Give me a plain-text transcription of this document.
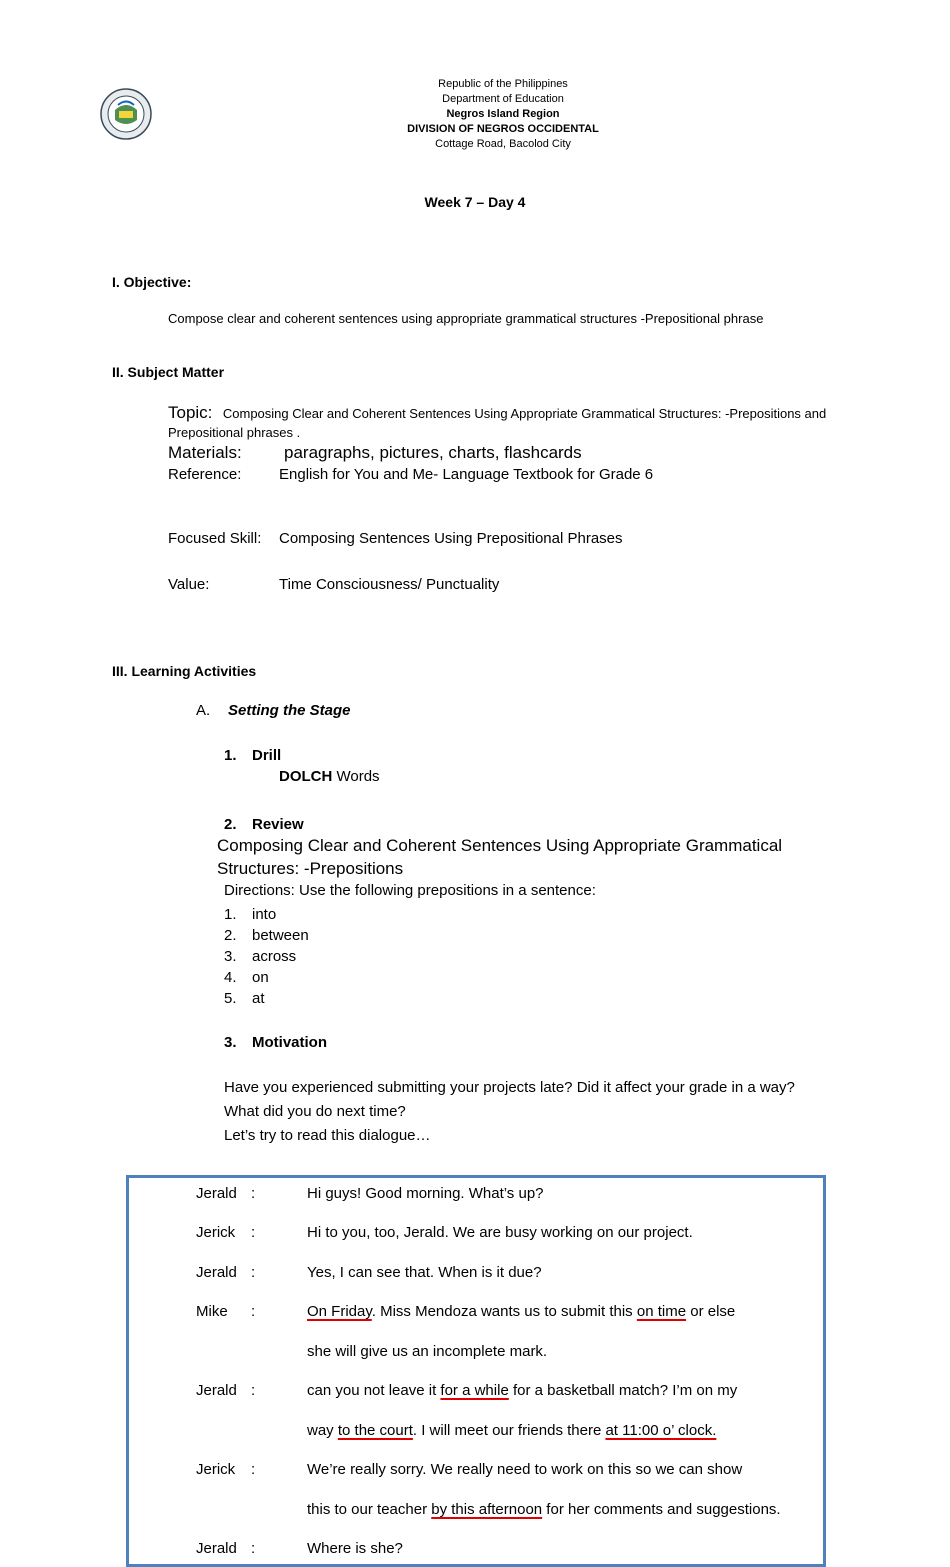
Republic of the Philippines
Department of Education
Negros Island Region
DIVISION OF NEGROS OCCIDENTAL
Cottage Road, Bacolod City
Week 7 – Day 4
I. Objective:
Compose clear and coherent sentences using appropriate grammatical structures -Prepositional phrase
II. Subject Matter
Topic: Composing Clear and Coherent Sentences Using Appropriate Grammatical Structures: -Prepositions and
Prepositional phrases .
Materials: paragraphs, pictures, charts, flashcards
Reference:	English for You and Me- Language Textbook for Grade 6
Focused Skill: Composing Sentences Using Prepositional Phrases
Value:	Time Consciousness/ Punctuality
III. Learning Activities
A. Setting the Stage
1. Drill
DOLCH Words
2. Review
Composing Clear and Coherent Sentences Using Appropriate Grammatical
Structures: -Prepositions
Directions: Use the following prepositions in a sentence:
1. into
2. between
3. across
4. on
5. at
3. Motivation
Have you experienced submitting your projects late? Did it affect your grade in a way?
What did you do next time?
Let’s try to read this dialogue…
Jerald :	Hi guys! Good morning. What’s up?
Jerick :	Hi to you, too, Jerald. We are busy working on our project.
Jerald :	Yes, I can see that. When is it due?
Mike :	On Friday. Miss Mendoza wants us to submit this on time or else
she will give us an incomplete mark.
Jerald :	can you not leave it for a while for a basketball match? I’m on my
way to the court. I will meet our friends there at 11:00 o’ clock.
Jerick :	We’re really sorry. We really need to work on this so we can show
this to our teacher by this afternoon for her comments and suggestions.
Jerald :	Where is she?
